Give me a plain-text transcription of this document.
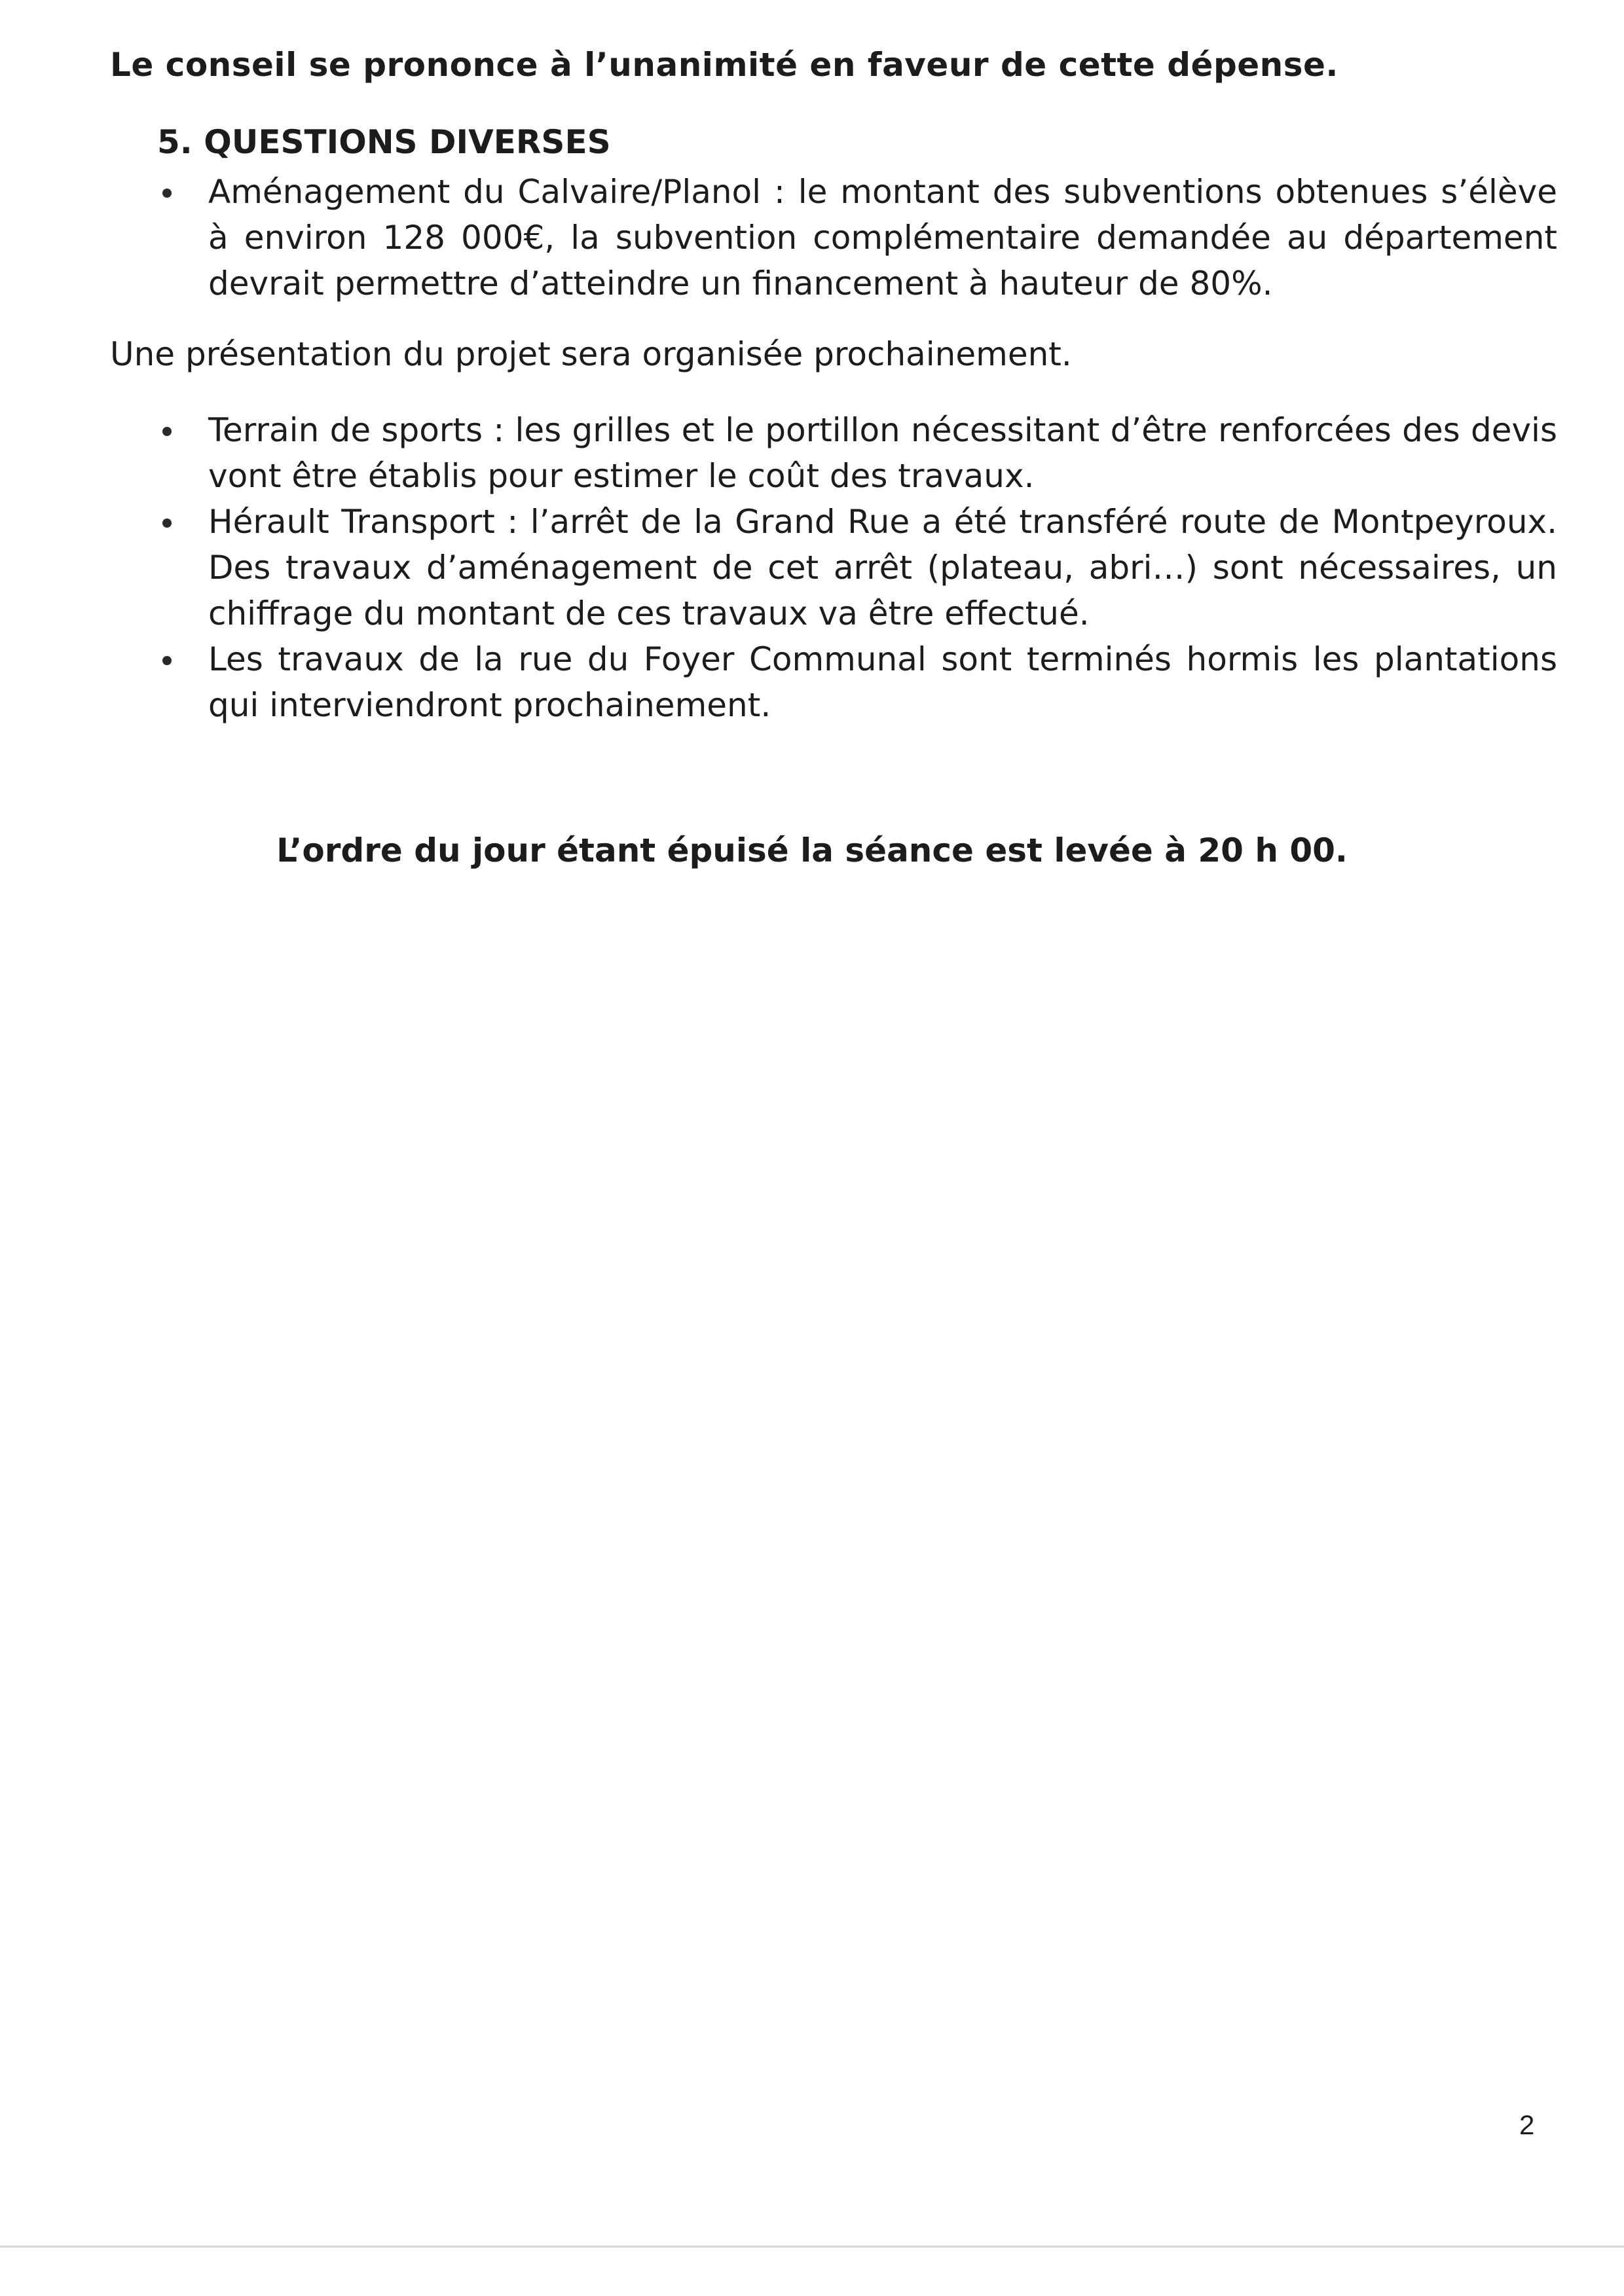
Le conseil se prononce à l’unanimité en faveur de cette dépense.
5. QUESTIONS DIVERSES
Aménagement du Calvaire/Planol : le montant des subventions obtenues s’élève à environ 128 000€, la subvention complémentaire demandée au département devrait permettre d’atteindre un financement à hauteur de 80%.
Une présentation du projet sera organisée prochainement.
Terrain de sports : les grilles et le portillon nécessitant d’être renforcées des devis vont être établis pour estimer le coût des travaux.
Hérault Transport : l’arrêt de la Grand Rue a été transféré route de Montpeyroux. Des travaux d’aménagement de cet arrêt (plateau, abri…) sont nécessaires, un chiffrage du montant de ces travaux va être effectué.
Les travaux de la rue du Foyer Communal sont terminés hormis les plantations qui interviendront prochainement.
L’ordre du jour étant épuisé la séance est levée à 20 h 00.
2
